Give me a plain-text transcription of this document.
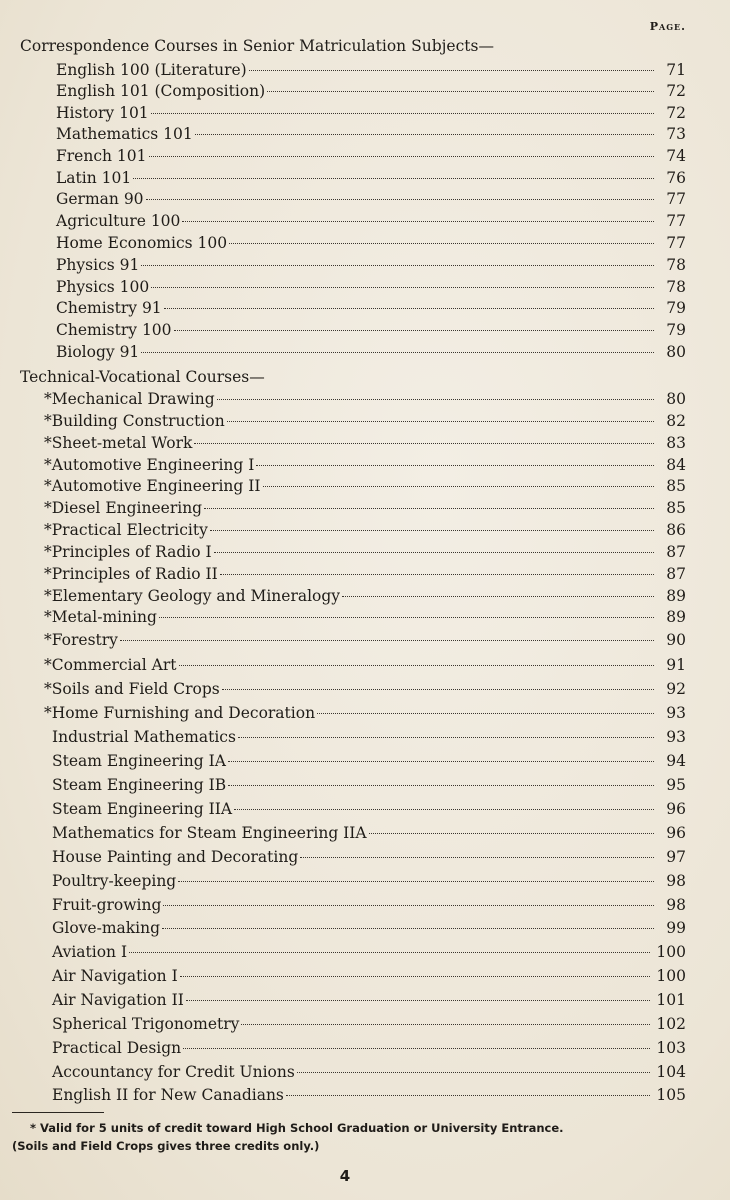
Page.
Correspondence Courses in Senior Matriculation Subjects—
English 100 (Literature)	71
English 101 (Composition)	72
History 101	72
Mathematics 101	73
French 101	74
Latin 101	76
German 90	77
Agriculture 100	77
Home Economics 100	77
Physics 91	78
Physics 100	78
Chemistry 91	79
Chemistry 100	79
Biology 91	80
Technical-Vocational Courses—
*Mechanical Drawing	80
*Building Construction	82
*Sheet-metal Work	83
*Automotive Engineering I	84
*Automotive Engineering II	85
*Diesel Engineering	85
*Practical Electricity	86
*Principles of Radio I	87
*Principles of Radio II	87
*Elementary Geology and Mineralogy	89
*Metal-mining	89
*Forestry	90
*Commercial Art	91
*Soils and Field Crops	92
*Home Furnishing and Decoration	93
Industrial Mathematics	93
Steam Engineering IA	94
Steam Engineering IB	95
Steam Engineering IIA	96
Mathematics for Steam Engineering IIA	96
House Painting and Decorating	97
Poultry-keeping	98
Fruit-growing	98
Glove-making	99
Aviation I	100
Air Navigation I	100
Air Navigation II	101
Spherical Trigonometry	102
Practical Design	103
Accountancy for Credit Unions	104
English II for New Canadians	105
* Valid for 5 units of credit toward High School Graduation or University Entrance.
(Soils and Field Crops gives three credits only.)
4
